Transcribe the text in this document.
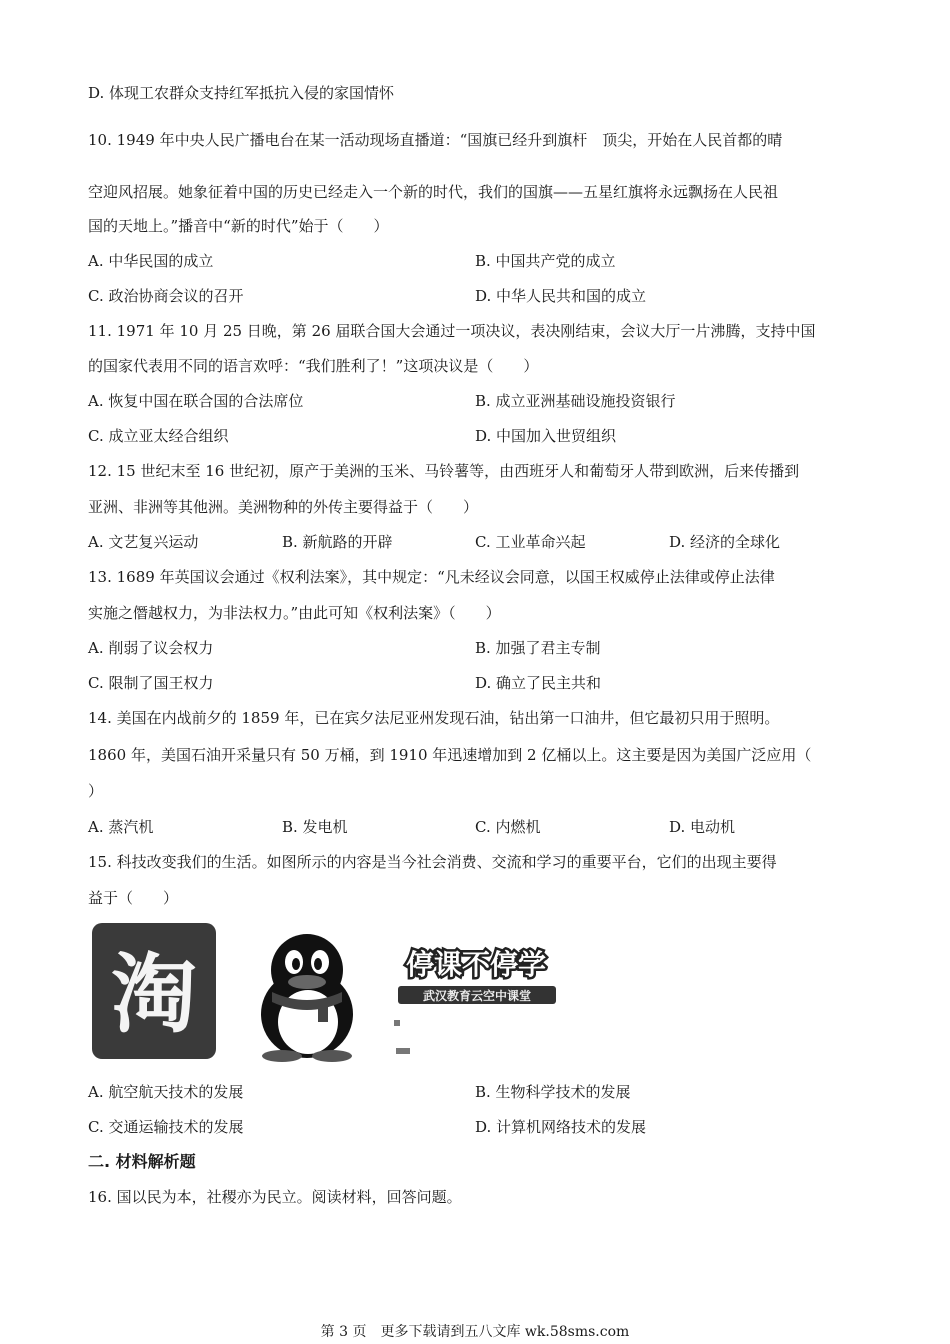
D. 体现工农群众支持红军抵抗入侵的家国情怀
10. 1949 年中央人民广播电台在某一活动现场直播道：“国旗已经升到旗杆　顶尖，开始在人民首都的晴
空迎风招展。她象征着中国的历史已经走入一个新的时代，我们的国旗——五星红旗将永远飘扬在人民祖
国的天地上。”播音中“新的时代”始于（　　）
A. 中华民国的成立	B. 中国共产党的成立
C. 政治协商会议的召开	D. 中华人民共和国的成立
11. 1971 年 10 月 25 日晚，第 26 届联合国大会通过一项决议，表决刚结束，会议大厅一片沸腾，支持中国
的国家代表用不同的语言欢呼：“我们胜利了！”这项决议是（　　）
A. 恢复中国在联合国的合法席位	B. 成立亚洲基础设施投资银行
C. 成立亚太经合组织	D. 中国加入世贸组织
12. 15 世纪末至 16 世纪初，原产于美洲的玉米、马铃薯等，由西班牙人和葡萄牙人带到欧洲，后来传播到
亚洲、非洲等其他洲。美洲物种的外传主要得益于（　　）
A. 文艺复兴运动	B. 新航路的开辟	C. 工业革命兴起	D. 经济的全球化
13. 1689 年英国议会通过《权利法案》，其中规定：“凡未经议会同意，以国王权威停止法律或停止法律
实施之僭越权力，为非法权力。”由此可知《权利法案》（　　）
A. 削弱了议会权力	B. 加强了君主专制
C. 限制了国王权力	D. 确立了民主共和
14. 美国在内战前夕的 1859 年，已在宾夕法尼亚州发现石油，钻出第一口油井，但它最初只用于照明。
1860 年，美国石油开采量只有 50 万桶，到 1910 年迅速增加到 2 亿桶以上。这主要是因为美国广泛应用（
）
A. 蒸汽机	B. 发电机	C. 内燃机	D. 电动机
15. 科技改变我们的生活。如图所示的内容是当今社会消费、交流和学习的重要平台，它们的出现主要得
益于（　　）
淘	停课不停学
武汉教育云空中课堂
A. 航空航天技术的发展	B. 生物科学技术的发展
C. 交通运输技术的发展	D. 计算机网络技术的发展
二. 材料解析题
16. 国以民为本，社稷亦为民立。阅读材料，回答问题。
第 3 页　更多下载请到五八文库 wk.58sms.com
